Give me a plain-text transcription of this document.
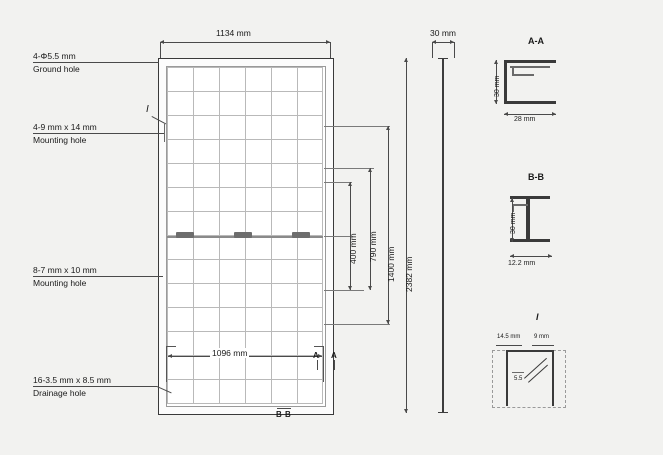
1134 mm
1096 mm
I
A A
B B
400 mm 790 mm 1400 mm 2382 mm
4-Φ5.5 mm
Ground hole
4-9 mm x 14 mm
Mounting hole
8-7 mm x 10 mm
Mounting hole
16-3.5 mm x 8.5 mm
Drainage hole
30 mm
A-A
30 mm
28 mm
B-B
30 mm
12.2 mm
I
14.5 mm 9 mm
5.5
